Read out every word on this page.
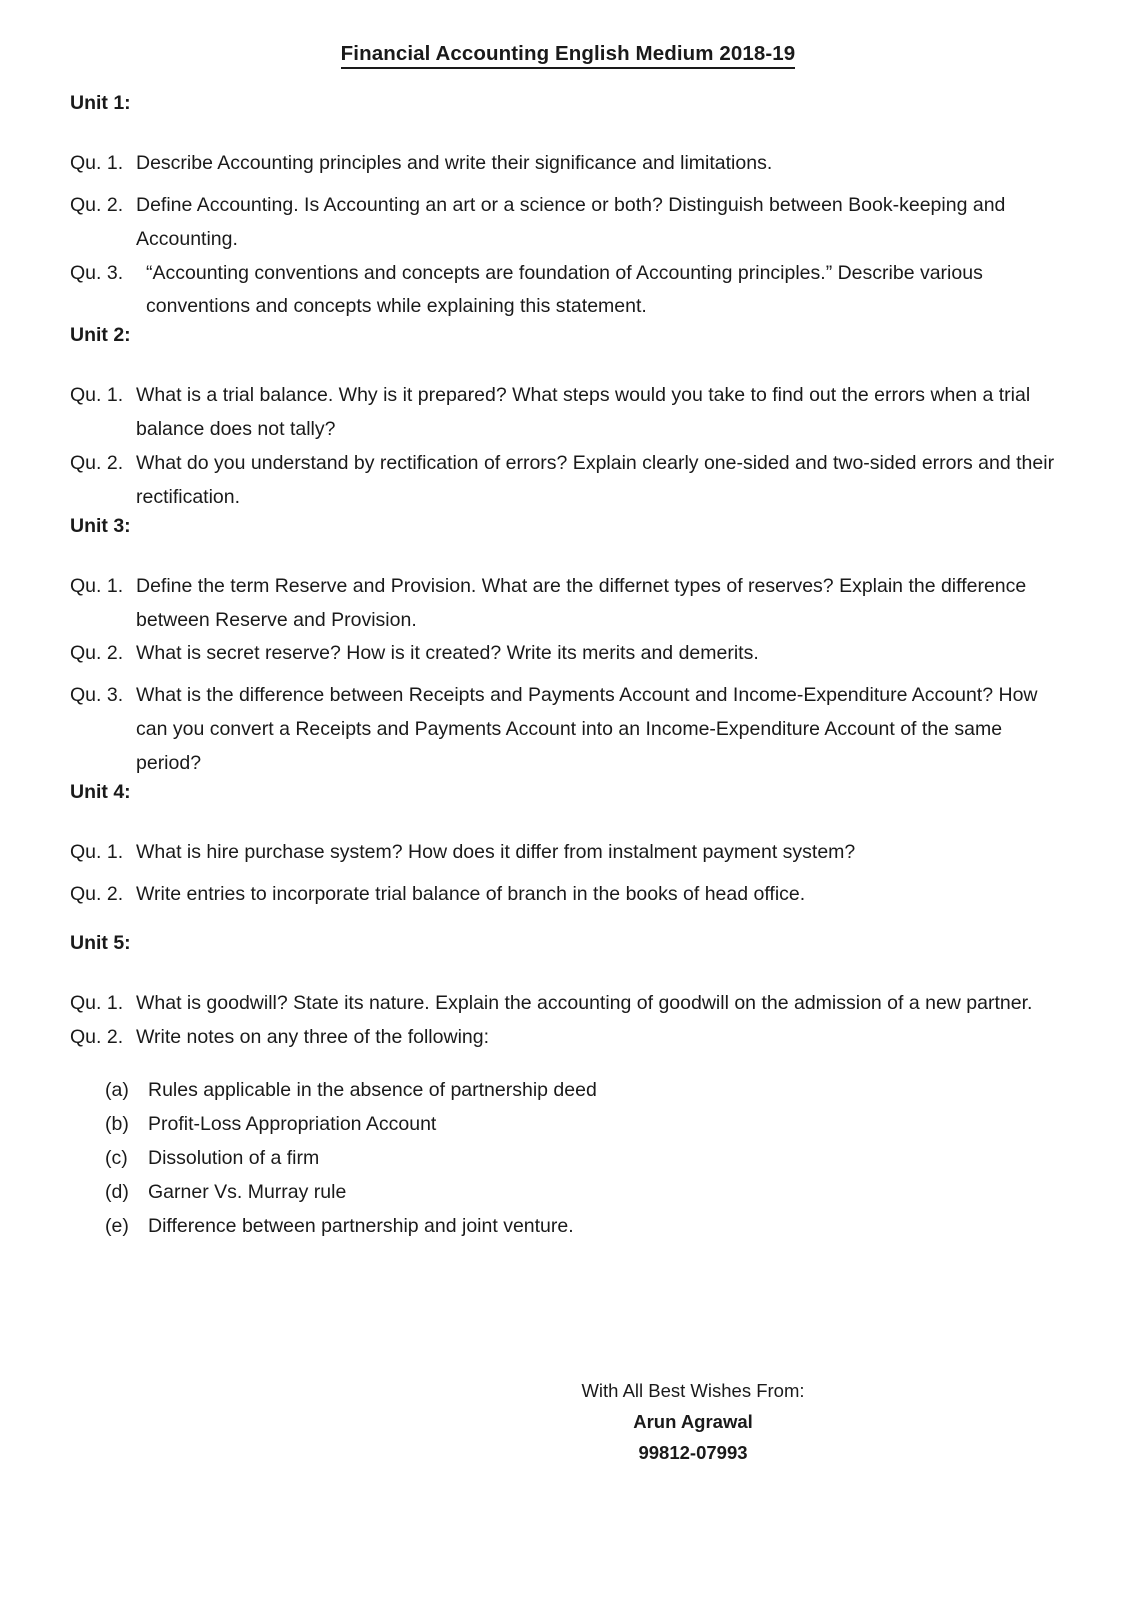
Financial Accounting English Medium 2018-19
Unit 1:

Qu. 1. Describe Accounting principles and write their significance and limitations.

Qu. 2. Define Accounting. Is Accounting an art or a science or both? Distinguish between Book-keeping and Accounting.

Qu. 3. “Accounting conventions and concepts are foundation of Accounting principles.” Describe various conventions and concepts while explaining this statement.

Unit 2:

Qu. 1. What is a trial balance. Why is it prepared? What steps would you take to find out the errors when a trial balance does not tally?

Qu. 2. What do you understand by rectification of errors? Explain clearly one-sided and two-sided errors and their rectification.

Unit 3:

Qu. 1. Define the term Reserve and Provision. What are the differnet types of reserves? Explain the difference between Reserve and Provision.

Qu. 2. What is secret reserve? How is it created? Write its merits and demerits.

Qu. 3. What is the difference between Receipts and Payments Account and Income-Expenditure Account? How can you convert a Receipts and Payments Account into an Income-Expenditure Account of the same period?

Unit 4:

Qu. 1. What is hire purchase system? How does it differ from instalment payment system?

Qu. 2. Write entries to incorporate trial balance of branch in the books of head office.

Unit 5:

Qu. 1. What is goodwill? State its nature. Explain the accounting of goodwill on the admission of a new partner.

Qu. 2. Write notes on any three of the following:

(a) Rules applicable in the absence of partnership deed
(b) Profit-Loss Appropriation Account
(c)	Dissolution of a firm
(d) Garner Vs. Murray rule
(e) Difference between partnership and joint venture.
With All Best Wishes From:
Arun Agrawal
99812-07993
